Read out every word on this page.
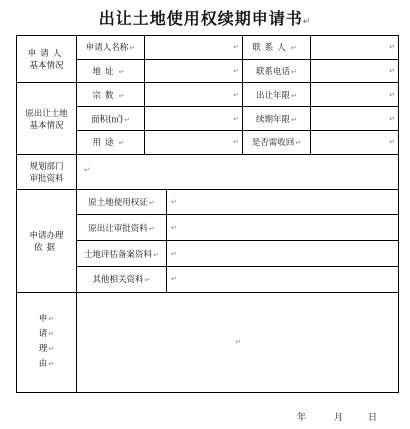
出让土地使用权续期申请书↵
申请人
基本情况	申请人名称↵	↵		联系人↵	↵

	地址↵	↵		联系电话↵	↵

原出让土地
基本情况	宗数↵	↵		出让年限↵	↵

	面积(㎡)↵	↵		续期年限↵	↵

	用途↵	↵		是否需收回↵	↵

规划部门
审批资料	↵				

申请办理
依据	原土地使用权证↵		↵		
	原出让审批资料↵		↵		
	土地评估备案资料↵		↵		
	其他相关资料↵		↵		
申↵
请↵
理↵
由↵	↵				
年	月	日
